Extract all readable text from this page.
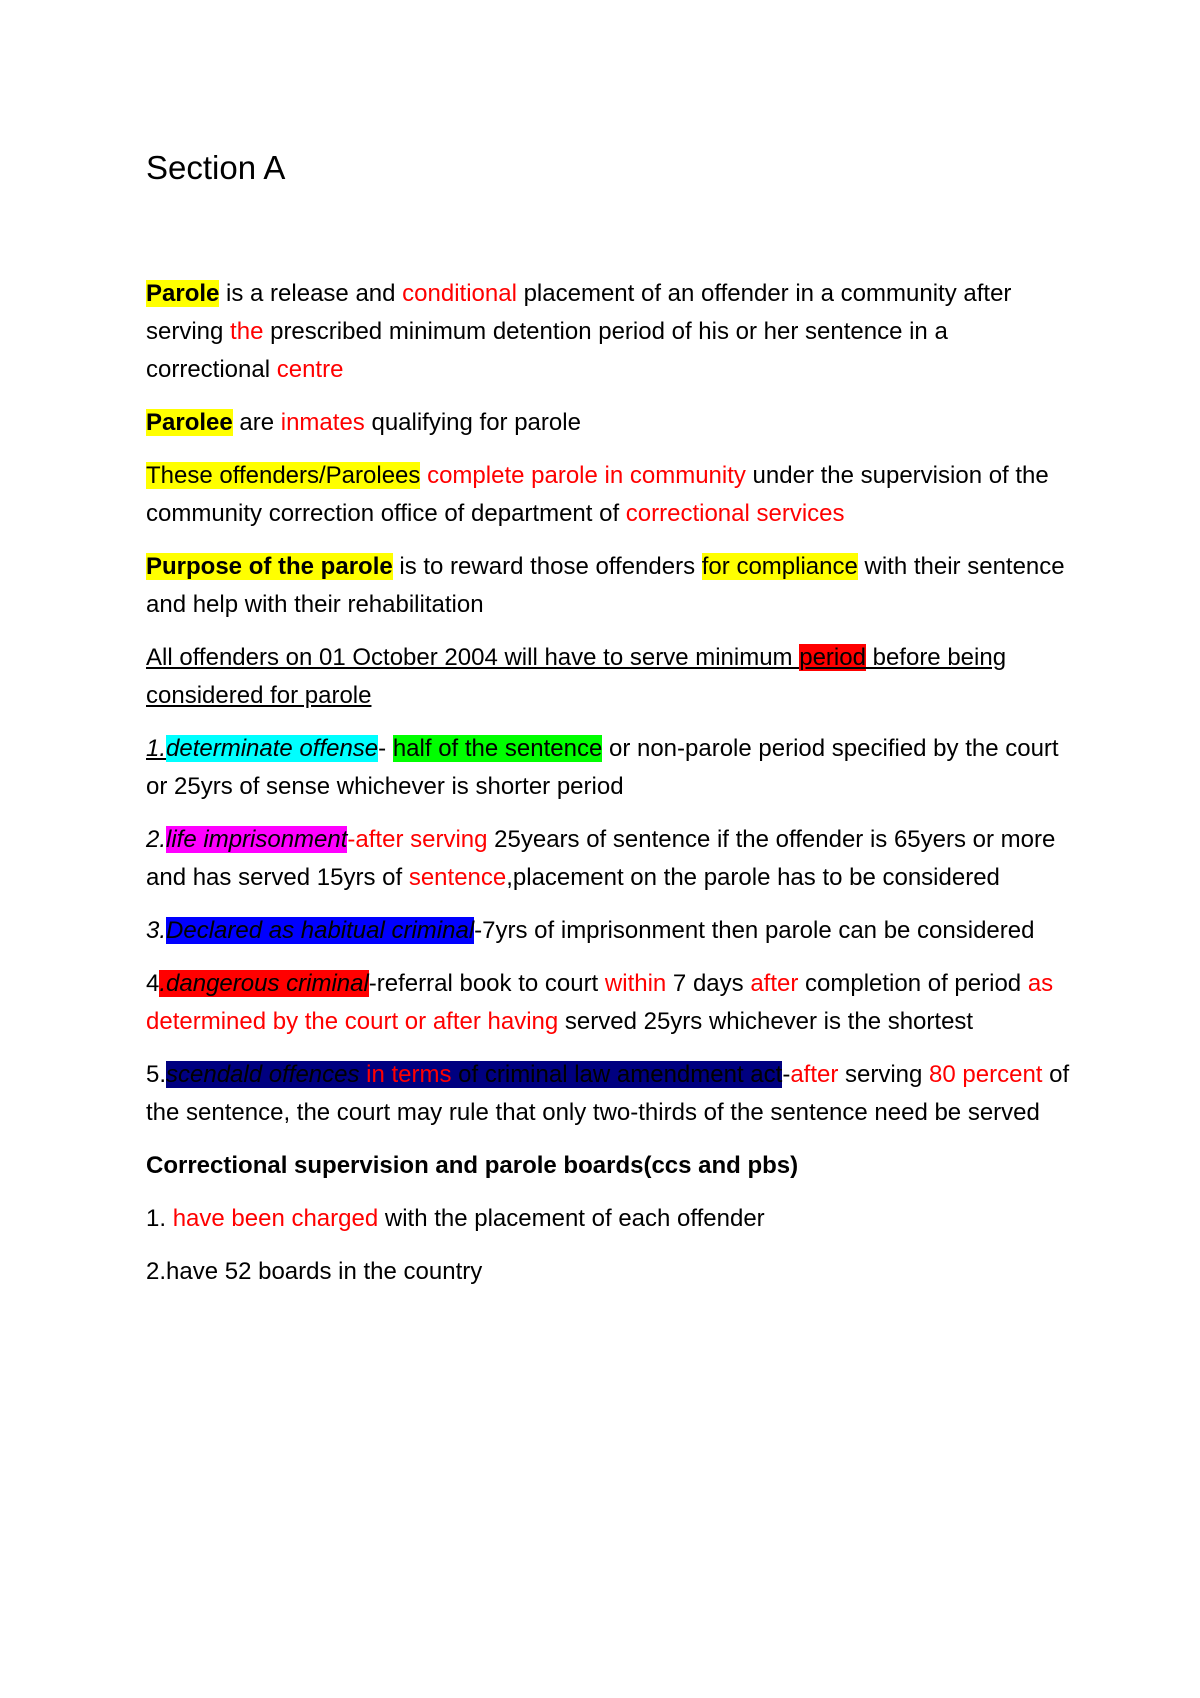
Section A

Parole is a release and conditional placement of an offender in a community after serving the prescribed minimum detention period of his or her sentence in a correctional centre

Parolee are inmates qualifying for parole

These offenders/Parolees complete parole in community under the supervision of the community correction office of department of correctional services

Purpose of the parole is to reward those offenders for compliance with their sentence and help with their rehabilitation

All offenders on 01 October 2004 will have to serve minimum period before being considered for parole

1.determinate offense- half of the sentence or non-parole period specified by the court or 25yrs of sense whichever is shorter period

2.life imprisonment-after serving 25years of sentence if the offender is 65yers or more and has served 15yrs of sentence,placement on the parole has to be considered

3.Declared as habitual criminal-7yrs of imprisonment then parole can be considered

4.dangerous criminal-referral book to court within 7 days after completion of period as determined by the court or after having served 25yrs whichever is the shortest

5.scendald offences in terms of criminal law amendment act-after serving 80 percent of the sentence, the court may rule that only two-thirds of the sentence need be served

Correctional supervision and parole boards(ccs and pbs)

1. have been charged with the placement of each offender

2.have 52 boards in the country
